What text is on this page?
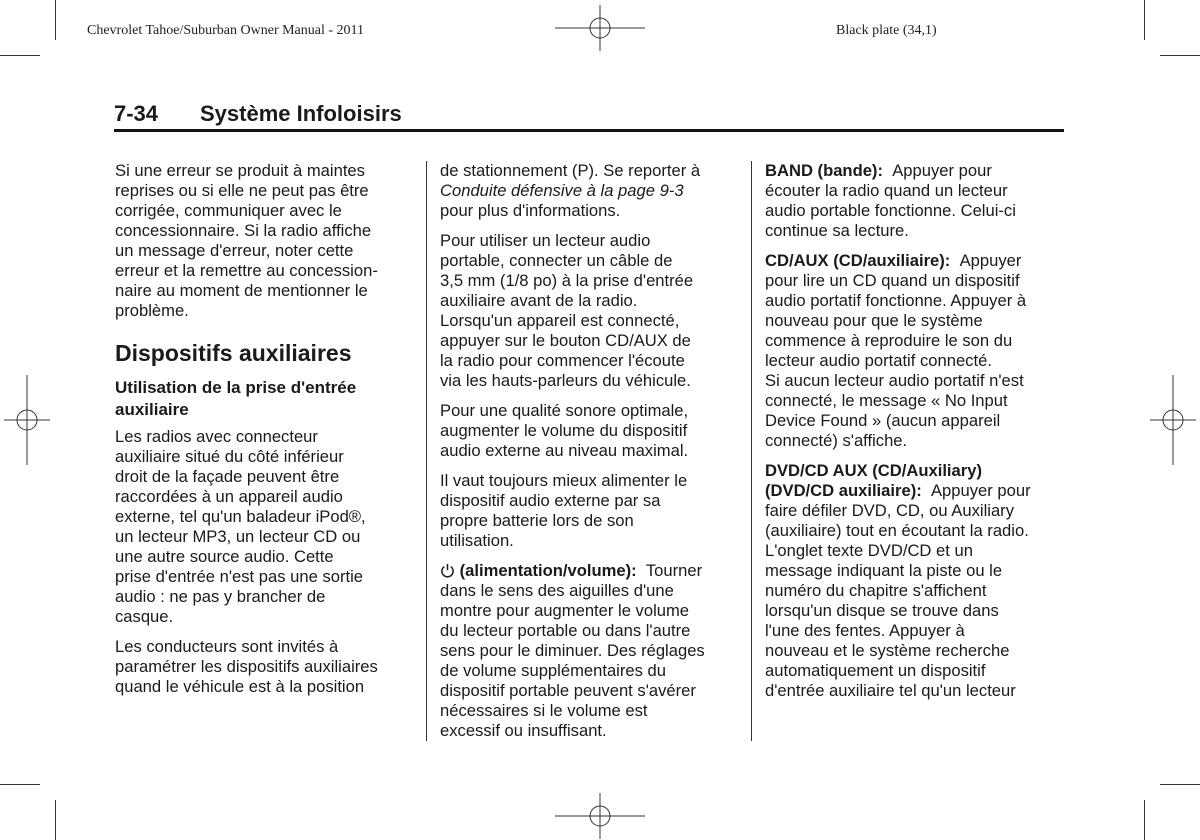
Chevrolet Tahoe/Suburban Owner Manual - 2011	Black plate (34,1)
7-34 Système Infoloisirs

Si une erreur se produit à maintes
reprises ou si elle ne peut pas être
corrigée, communiquer avec le
concessionnaire. Si la radio affiche
un message d'erreur, noter cette
erreur et la remettre au concession-
naire au moment de mentionner le
problème.

Dispositifs auxiliaires
Utilisation de la prise d'entrée
auxiliaire

Les radios avec connecteur
auxiliaire situé du côté inférieur
droit de la façade peuvent être
raccordées à un appareil audio
externe, tel qu'un baladeur iPod®,
un lecteur MP3, un lecteur CD ou
une autre source audio. Cette
prise d'entrée n'est pas une sortie
audio : ne pas y brancher de
casque.

Les conducteurs sont invités à
paramétrer les dispositifs auxiliaires
quand le véhicule est à la position

de stationnement (P). Se reporter à
Conduite défensive à la page 9-3
pour plus d'informations.

Pour utiliser un lecteur audio
portable, connecter un câble de
3,5 mm (1/8 po) à la prise d'entrée
auxiliaire avant de la radio.
Lorsqu'un appareil est connecté,
appuyer sur le bouton CD/AUX de
la radio pour commencer l'écoute
via les hauts-parleurs du véhicule.

Pour une qualité sonore optimale,
augmenter le volume du dispositif
audio externe au niveau maximal.

Il vaut toujours mieux alimenter le
dispositif audio externe par sa
propre batterie lors de son
utilisation.

(alimentation/volume): Tourner
dans le sens des aiguilles d'une
montre pour augmenter le volume
du lecteur portable ou dans l'autre
sens pour le diminuer. Des réglages
de volume supplémentaires du
dispositif portable peuvent s'avérer
nécessaires si le volume est
excessif ou insuffisant.

BAND (bande): Appuyer pour
écouter la radio quand un lecteur
audio portable fonctionne. Celui-ci
continue sa lecture.

CD/AUX (CD/auxiliaire): Appuyer
pour lire un CD quand un dispositif
audio portatif fonctionne. Appuyer à
nouveau pour que le système
commence à reproduire le son du
lecteur audio portatif connecté.
Si aucun lecteur audio portatif n'est
connecté, le message « No Input
Device Found » (aucun appareil
connecté) s'affiche.

DVD/CD AUX (CD/Auxiliary)
(DVD/CD auxiliaire): Appuyer pour
faire défiler DVD, CD, ou Auxiliary
(auxiliaire) tout en écoutant la radio.
L'onglet texte DVD/CD et un
message indiquant la piste ou le
numéro du chapitre s'affichent
lorsqu'un disque se trouve dans
l'une des fentes. Appuyer à
nouveau et le système recherche
automatiquement un dispositif
d'entrée auxiliaire tel qu'un lecteur
